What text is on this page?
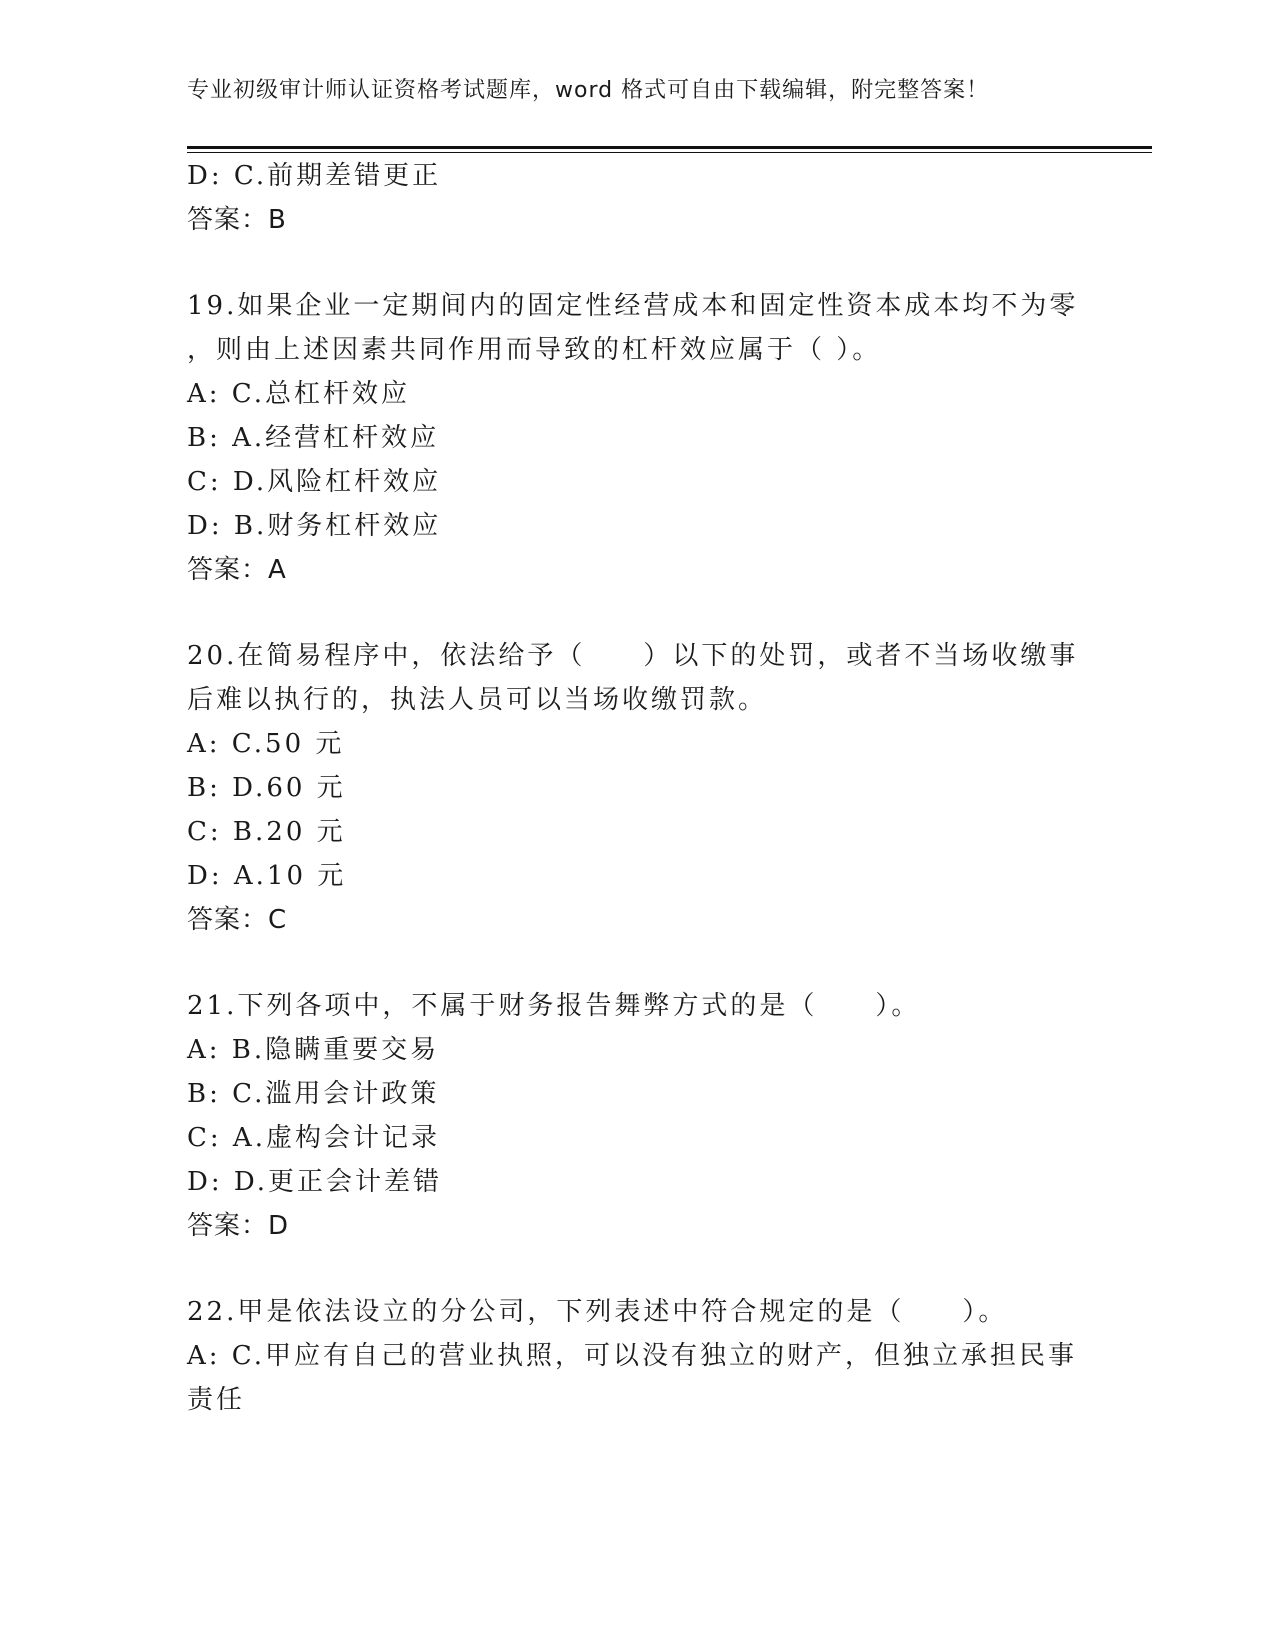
专业初级审计师认证资格考试题库，word 格式可自由下载编辑，附完整答案！
D: C.前期差错更正
答案：B
19.如果企业一定期间内的固定性经营成本和固定性资本成本均不为零
，则由上述因素共同作用而导致的杠杆效应属于（ ）。
A: C.总杠杆效应
B: A.经营杠杆效应
C: D.风险杠杆效应
D: B.财务杠杆效应
答案：A
20.在简易程序中，依法给予（　　）以下的处罚，或者不当场收缴事
后难以执行的，执法人员可以当场收缴罚款。
A: C.50 元
B: D.60 元
C: B.20 元
D: A.10 元
答案：C
21.下列各项中，不属于财务报告舞弊方式的是（　　）。
A: B.隐瞒重要交易
B: C.滥用会计政策
C: A.虚构会计记录
D: D.更正会计差错
答案：D
22.甲是依法设立的分公司，下列表述中符合规定的是（　　）。
A: C.甲应有自己的营业执照，可以没有独立的财产，但独立承担民事
责任
